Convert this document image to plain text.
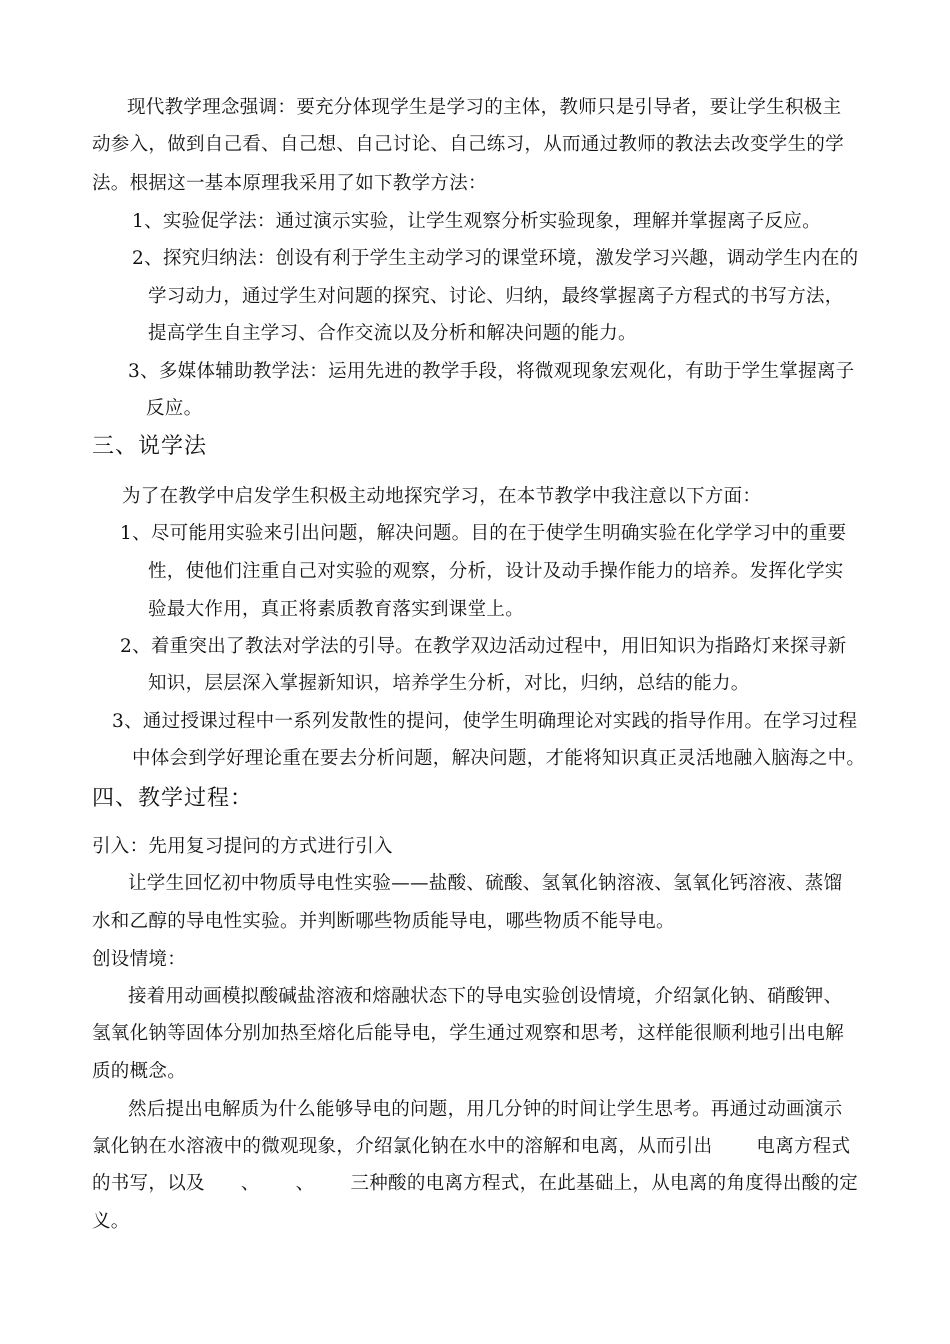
现代教学理念强调：要充分体现学生是学习的主体，教师只是引导者，要让学生积极主
动参入，做到自己看、自己想、自己讨论、自己练习，从而通过教师的教法去改变学生的学
法。根据这一基本原理我采用了如下教学方法：
1、实验促学法：通过演示实验，让学生观察分析实验现象，理解并掌握离子反应。
2、探究归纳法：创设有利于学生主动学习的课堂环境，激发学习兴趣，调动学生内在的
学习动力，通过学生对问题的探究、讨论、归纳，最终掌握离子方程式的书写方法，
提高学生自主学习、合作交流以及分析和解决问题的能力。
3、多媒体辅助教学法：运用先进的教学手段，将微观现象宏观化，有助于学生掌握离子
反应。
三、说学法
为了在教学中启发学生积极主动地探究学习，在本节教学中我注意以下方面：
1、尽可能用实验来引出问题，解决问题。目的在于使学生明确实验在化学学习中的重要
性，使他们注重自己对实验的观察，分析，设计及动手操作能力的培养。发挥化学实
验最大作用，真正将素质教育落实到课堂上。
2、着重突出了教法对学法的引导。在教学双边活动过程中，用旧知识为指路灯来探寻新
知识，层层深入掌握新知识，培养学生分析，对比，归纳，总结的能力。
3、通过授课过程中一系列发散性的提问，使学生明确理论对实践的指导作用。在学习过程
中体会到学好理论重在要去分析问题，解决问题，才能将知识真正灵活地融入脑海之中。
四、教学过程：
引入：先用复习提问的方式进行引入
让学生回忆初中物质导电性实验——盐酸、硫酸、氢氧化钠溶液、氢氧化钙溶液、蒸馏
水和乙醇的导电性实验。并判断哪些物质能导电，哪些物质不能导电。
创设情境：
接着用动画模拟酸碱盐溶液和熔融状态下的导电实验创设情境，介绍氯化钠、硝酸钾、
氢氧化钠等固体分别加热至熔化后能导电，学生通过观察和思考，这样能很顺利地引出电解
质的概念。
然后提出电解质为什么能够导电的问题，用几分钟的时间让学生思考。再通过动画演示
氯化钠在水溶液中的微观现象，介绍氯化钠在水中的溶解和电离，从而引出 电离方程式
的书写，以及 、 、 三种酸的电离方程式，在此基础上，从电离的角度得出酸的定
义。
